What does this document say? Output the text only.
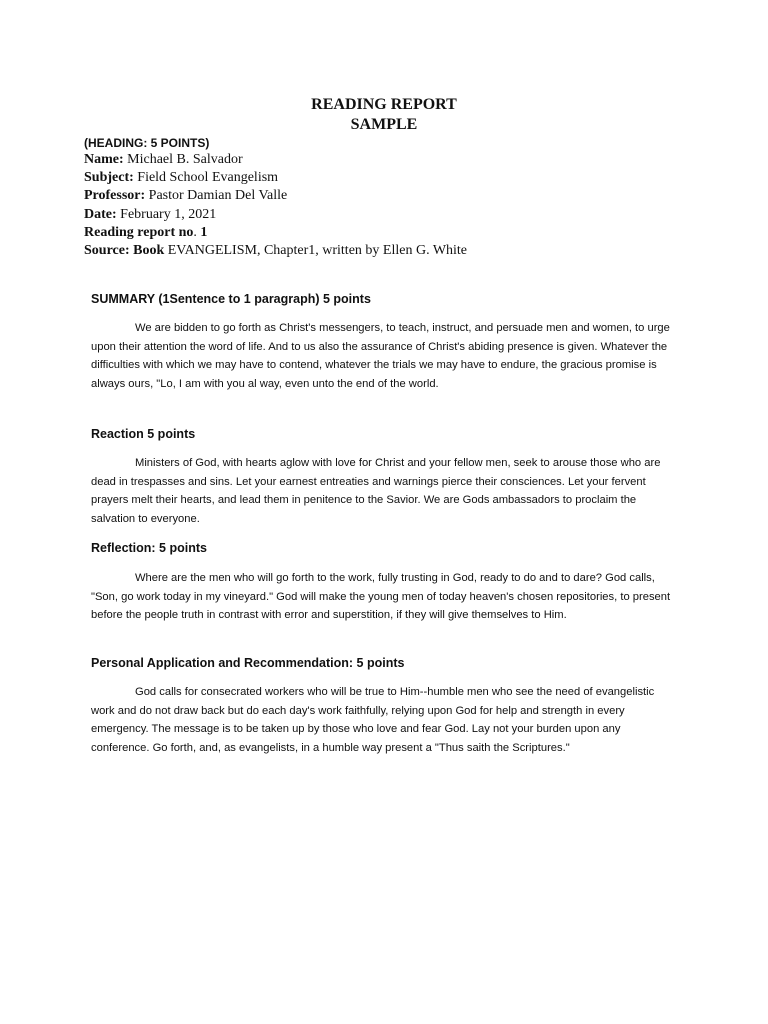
READING REPORT
SAMPLE
(HEADING: 5 POINTS)
Name: Michael B. Salvador
Subject: Field School Evangelism
Professor: Pastor Damian Del Valle
Date: February 1, 2021
Reading report no. 1
Source: Book EVANGELISM, Chapter1, written by Ellen G. White
SUMMARY (1Sentence to 1 paragraph) 5 points
We are bidden to go forth as Christ's messengers, to teach, instruct, and persuade men and women, to urge upon their attention the word of life. And to us also the assurance of Christ's abiding presence is given. Whatever the difficulties with which we may have to contend, whatever the trials we may have to endure, the gracious promise is always ours, "Lo, I am with you al way, even unto the end of the world.
Reaction 5 points
Ministers of God, with hearts aglow with love for Christ and your fellow men, seek to arouse those who are dead in trespasses and sins. Let your earnest entreaties and warnings pierce their consciences. Let your fervent prayers melt their hearts, and lead them in penitence to the Savior. We are Gods ambassadors to proclaim the salvation to everyone.
Reflection: 5 points
Where are the men who will go forth to the work, fully trusting in God, ready to do and to dare? God calls, "Son, go work today in my vineyard." God will make the young men of today heaven's chosen repositories, to present before the people truth in contrast with error and superstition, if they will give themselves to Him.
Personal Application and Recommendation: 5 points
God calls for consecrated workers who will be true to Him--humble men who see the need of evangelistic work and do not draw back but do each day's work faithfully, relying upon God for help and strength in every emergency. The message is to be taken up by those who love and fear God. Lay not your burden upon any conference. Go forth, and, as evangelists, in a humble way present a "Thus saith the Scriptures."
